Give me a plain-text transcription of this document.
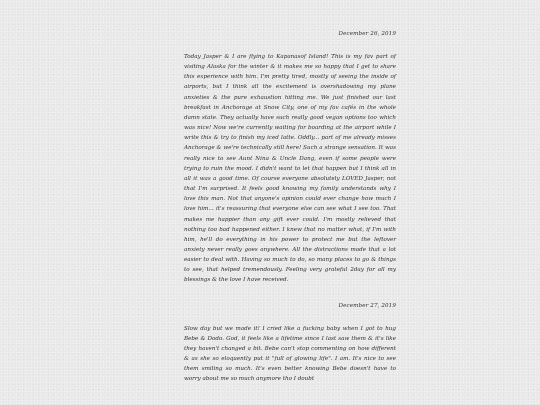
December 26, 2019

Today Jasper & I are flying to Kapanasof Island! This is my fav part of visiting Alaska for the winter & it makes me so happy that I get to share this experience with him. I'm pretty tired, mostly of seeing the inside of airports, but I think all the excitement is overshadowing my plane anxieties & the pure exhaustion hitting me. We just finished our last breakfast in Anchorage at Snow City, one of my fav cafés in the whole damn state. They actually have such really good vegan options too which was nice! Now we're currently waiting for boarding at the airport while I write this & try to finish my iced latte. Oddly... part of me already misses Anchorage & we're technically still here! Such a strange sensation. It was really nice to see Aunt Nina & Uncle Dang, even if some people were trying to ruin the mood. I didn't want to let that happen but I think all in all it was a good time. Of course everyone absolutely LOVED Jasper, not that I'm surprised. It feels good knowing my family understands why I love this man. Not that anyone's opinion could ever change how much I love him... it's reassuring that everyone else can see what I see too. That makes me happier than any gift ever could. I'm mostly relieved that nothing too bad happened either. I knew that no matter what, if I'm with him, he'll do everything in his power to protect me but the leftover anxiety never really goes anywhere. All the distractions made that a lot easier to deal with. Having so much to do, so many places to go & things to see, that helped tremendously. Feeling very grateful 2day for all my blessings & the love I have received.

December 27, 2019

Slow day but we made it! I cried like a fucking baby when I got to hug Bebe & Dodo. God, it feels like a lifetime since I last saw them & it's like they haven't changed a bit. Bebe can't stop commenting on how different & as she so eloquently put it "full of glowing life". I am. It's nice to see them smiling so much. It's even better knowing Bebe doesn't have to worry about me so much anymore tho I doubt
